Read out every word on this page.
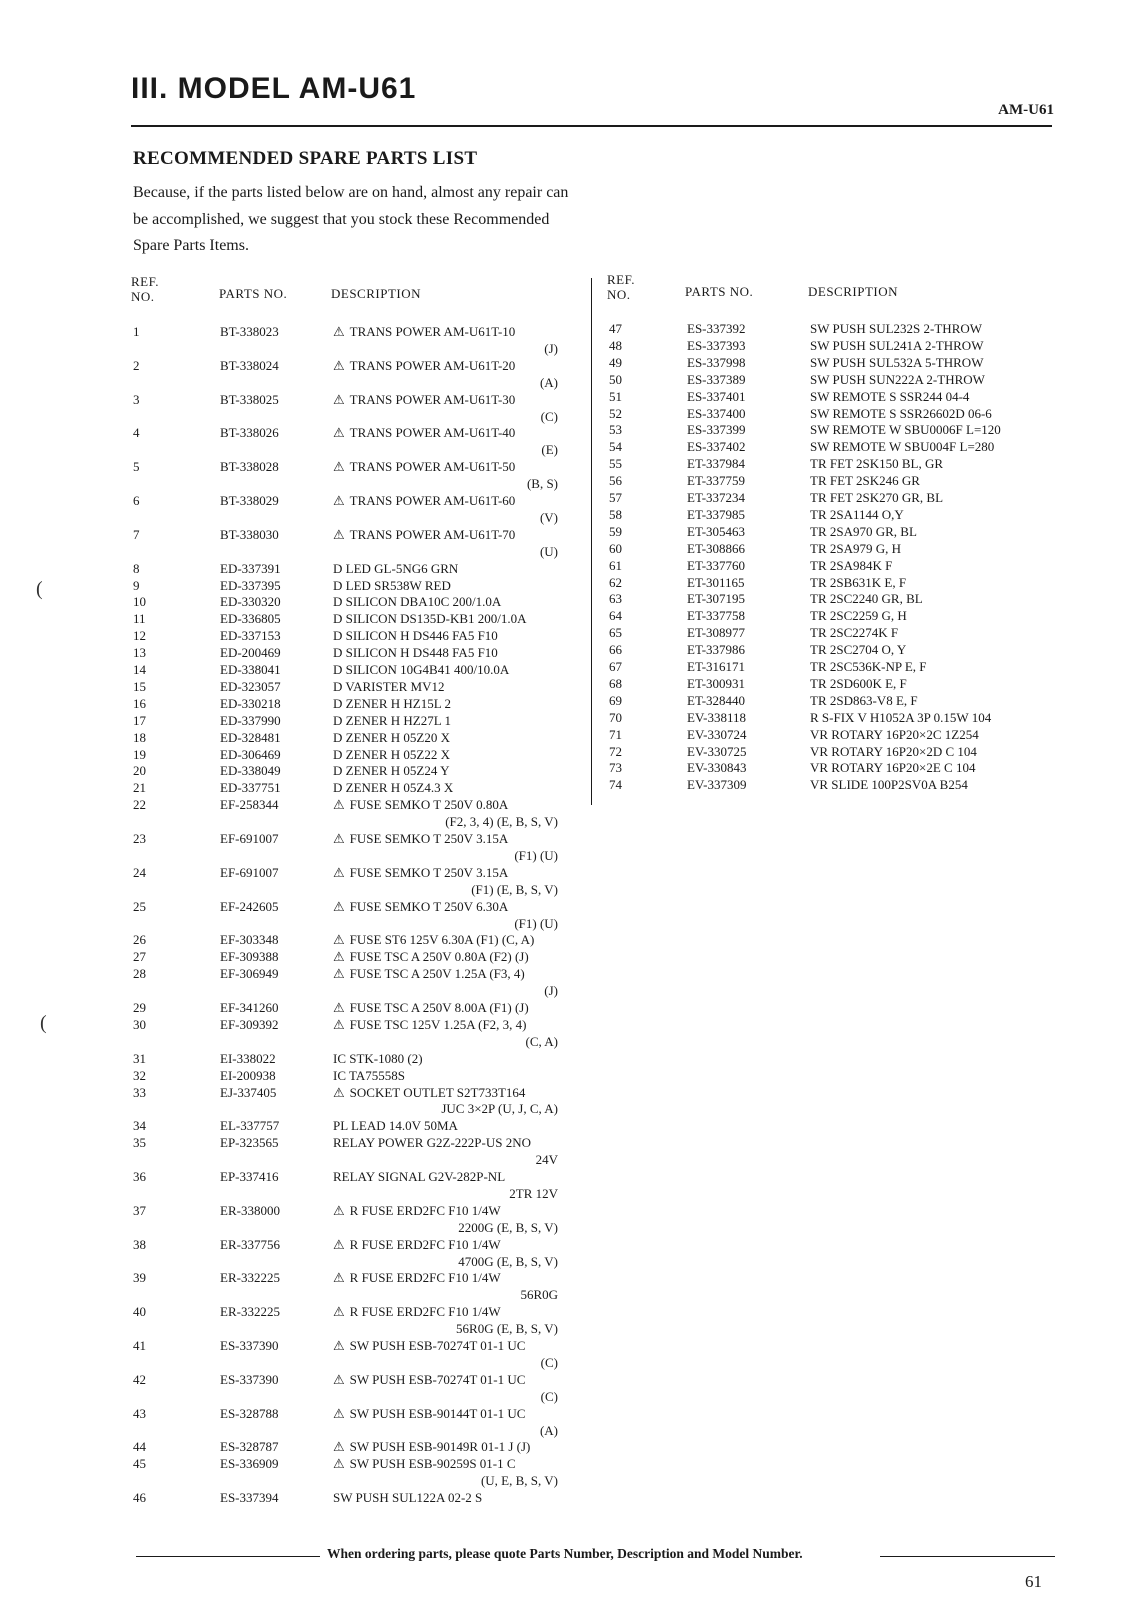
III. MODEL AM-U61
AM-U61
RECOMMENDED SPARE PARTS LIST
Because, if the parts listed below are on hand, almost any repair can be accomplished, we suggest that you stock these Recommended Spare Parts Items.
REF.
NO.	PARTS NO.	DESCRIPTION
REF.
NO.	PARTS NO.	DESCRIPTION
1	BT-338023	⚠ TRANS POWER AM-U61T-10
(J)
2	BT-338024	⚠ TRANS POWER AM-U61T-20
(A)
3	BT-338025	⚠ TRANS POWER AM-U61T-30
(C)
4	BT-338026	⚠ TRANS POWER AM-U61T-40
(E)
5	BT-338028	⚠ TRANS POWER AM-U61T-50
(B, S)
6	BT-338029	⚠ TRANS POWER AM-U61T-60
(V)
7	BT-338030	⚠ TRANS POWER AM-U61T-70
(U)
8	ED-337391	D LED GL-5NG6 GRN
9	ED-337395	D LED SR538W RED
10	ED-330320	D SILICON DBA10C 200/1.0A
11	ED-336805	D SILICON DS135D-KB1 200/1.0A
12	ED-337153	D SILICON H DS446 FA5 F10
13	ED-200469	D SILICON H DS448 FA5 F10
14	ED-338041	D SILICON 10G4B41 400/10.0A
15	ED-323057	D VARISTER MV12
16	ED-330218	D ZENER H HZ15L 2
17	ED-337990	D ZENER H HZ27L 1
18	ED-328481	D ZENER H 05Z20 X
19	ED-306469	D ZENER H 05Z22 X
20	ED-338049	D ZENER H 05Z24 Y
21	ED-337751	D ZENER H 05Z4.3 X
22	EF-258344	⚠ FUSE SEMKO T 250V 0.80A
(F2, 3, 4) (E, B, S, V)
23	EF-691007	⚠ FUSE SEMKO T 250V 3.15A
(F1) (U)
24	EF-691007	⚠ FUSE SEMKO T 250V 3.15A
(F1) (E, B, S, V)
25	EF-242605	⚠ FUSE SEMKO T 250V 6.30A
(F1) (U)
26	EF-303348	⚠ FUSE ST6 125V 6.30A (F1) (C, A)
27	EF-309388	⚠ FUSE TSC A 250V 0.80A (F2) (J)
28	EF-306949	⚠ FUSE TSC A 250V 1.25A (F3, 4)
(J)
29	EF-341260	⚠ FUSE TSC A 250V 8.00A (F1) (J)
30	EF-309392	⚠ FUSE TSC 125V 1.25A (F2, 3, 4)
(C, A)
31	EI-338022	IC STK-1080 (2)
32	EI-200938	IC TA75558S
33	EJ-337405	⚠ SOCKET OUTLET S2T733T164
JUC 3×2P (U, J, C, A)
34	EL-337757	PL LEAD 14.0V 50MA
35	EP-323565	RELAY POWER G2Z-222P-US 2NO
24V
36	EP-337416	RELAY SIGNAL G2V-282P-NL
2TR 12V
37	ER-338000	⚠ R FUSE ERD2FC F10 1/4W
2200G (E, B, S, V)
38	ER-337756	⚠ R FUSE ERD2FC F10 1/4W
4700G (E, B, S, V)
39	ER-332225	⚠ R FUSE ERD2FC F10 1/4W
56R0G
40	ER-332225	⚠ R FUSE ERD2FC F10 1/4W
56R0G (E, B, S, V)
41	ES-337390	⚠ SW PUSH ESB-70274T 01-1 UC
(C)
42	ES-337390	⚠ SW PUSH ESB-70274T 01-1 UC
(C)
43	ES-328788	⚠ SW PUSH ESB-90144T 01-1 UC
(A)
44	ES-328787	⚠ SW PUSH ESB-90149R 01-1 J (J)
45	ES-336909	⚠ SW PUSH ESB-90259S 01-1 C
(U, E, B, S, V)
46	ES-337394	SW PUSH SUL122A 02-2 S
47	ES-337392	SW PUSH SUL232S 2-THROW
48	ES-337393	SW PUSH SUL241A 2-THROW
49	ES-337998	SW PUSH SUL532A 5-THROW
50	ES-337389	SW PUSH SUN222A 2-THROW
51	ES-337401	SW REMOTE S SSR244 04-4
52	ES-337400	SW REMOTE S SSR26602D 06-6
53	ES-337399	SW REMOTE W SBU0006F L=120
54	ES-337402	SW REMOTE W SBU004F L=280
55	ET-337984	TR FET 2SK150 BL, GR
56	ET-337759	TR FET 2SK246 GR
57	ET-337234	TR FET 2SK270 GR, BL
58	ET-337985	TR 2SA1144 O,Y
59	ET-305463	TR 2SA970 GR, BL
60	ET-308866	TR 2SA979 G, H
61	ET-337760	TR 2SA984K F
62	ET-301165	TR 2SB631K E, F
63	ET-307195	TR 2SC2240 GR, BL
64	ET-337758	TR 2SC2259 G, H
65	ET-308977	TR 2SC2274K F
66	ET-337986	TR 2SC2704 O, Y
67	ET-316171	TR 2SC536K-NP E, F
68	ET-300931	TR 2SD600K E, F
69	ET-328440	TR 2SD863-V8 E, F
70	EV-338118	R S-FIX V H1052A 3P 0.15W 104
71	EV-330724	VR ROTARY 16P20×2C 1Z254
72	EV-330725	VR ROTARY 16P20×2D C 104
73	EV-330843	VR ROTARY 16P20×2E C 104
74	EV-337309	VR SLIDE 100P2SV0A B254
(
(
When ordering parts, please quote Parts Number, Description and Model Number.
61
